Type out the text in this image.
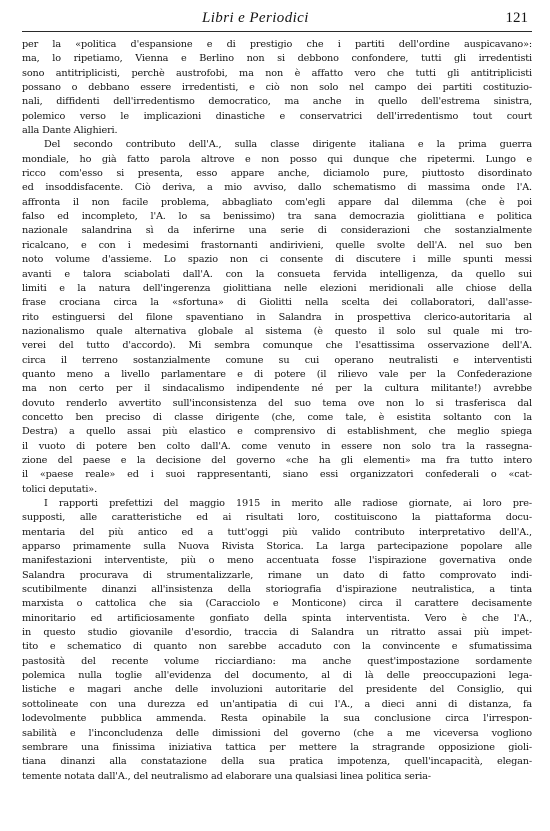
Libri e Periodici	121
per la «politica d'espansione e di prestigio che i partiti dell'ordine auspicavano»:
ma, lo ripetiamo, Vienna e Berlino non si debbono confondere, tutti gli irredentisti
sono antitriplicisti, perchè austrofobi, ma non è affatto vero che tutti gli antitriplicisti
possano o debbano essere irredentisti, e ciò non solo nel campo dei partiti costituzio-
nali, diffidenti dell'irredentismo democratico, ma anche in quello dell'estrema sinistra,
polemico verso le implicazioni dinastiche e conservatrici dell'irredentismo tout court
alla Dante Alighieri.
Del secondo contributo dell'A., sulla classe dirigente italiana e la prima guerra
mondiale, ho già fatto parola altrove e non posso qui dunque che ripetermi. Lungo e
ricco com'esso si presenta, esso appare anche, diciamolo pure, piuttosto disordinato
ed insoddisfacente. Ciò deriva, a mio avviso, dallo schematismo di massima onde l'A.
affronta il non facile problema, abbagliato com'egli appare dal dilemma (che è poi
falso ed incompleto, l'A. lo sa benissimo) tra sana democrazia giolittiana e politica
nazionale salandrina sì da inferirne una serie di considerazioni che sostanzialmente
ricalcano, e con i medesimi frastornanti andirivieni, quelle svolte dell'A. nel suo ben
noto volume d'assieme. Lo spazio non ci consente di discutere i mille spunti messi
avanti e talora sciabolati dall'A. con la consueta fervida intelligenza, da quello sui
limiti e la natura dell'ingerenza giolittiana nelle elezioni meridionali alle chiose della
frase crociana circa la «sfortuna» di Giolitti nella scelta dei collaboratori, dall'asse-
rito estinguersi del filone spaventiano in Salandra in prospettiva clerico-autoritaria al
nazionalismo quale alternativa globale al sistema (è questo il solo sul quale mi tro-
verei del tutto d'accordo). Mi sembra comunque che l'esattissima osservazione dell'A.
circa il terreno sostanzialmente comune su cui operano neutralisti e interventisti
quanto meno a livello parlamentare e di potere (il rilievo vale per la Confederazione
ma non certo per il sindacalismo indipendente né per la cultura militante!) avrebbe
dovuto renderlo avvertito sull'inconsistenza del suo tema ove non lo si trasferisca dal
concetto ben preciso di classe dirigente (che, come tale, è esistita soltanto con la
Destra) a quello assai più elastico e comprensivo di establishment, che meglio spiega
il vuoto di potere ben colto dall'A. come venuto in essere non solo tra la rassegna-
zione del paese e la decisione del governo «che ha gli elementi» ma fra tutto intero
il «paese reale» ed i suoi rappresentanti, siano essi organizzatori confederali o «cat-
tolici deputati».
I rapporti prefettizi del maggio 1915 in merito alle radiose giornate, ai loro pre-
supposti, alle caratteristiche ed ai risultati loro, costituiscono la piattaforma docu-
mentaria del più antico ed a tutt'oggi più valido contributo interpretativo dell'A.,
apparso primamente sulla Nuova Rivista Storica. La larga partecipazione popolare alle
manifestazioni interventiste, più o meno accentuata fosse l'ispirazione governativa onde
Salandra procurava di strumentalizzarle, rimane un dato di fatto comprovato indi-
scutibilmente dinanzi all'insistenza della storiografia d'ispirazione neutralistica, a tinta
marxista o cattolica che sia (Caracciolo e Monticone) circa il carattere decisamente
minoritario ed artificiosamente gonfiato della spinta interventista. Vero è che l'A.,
in questo studio giovanile d'esordio, traccia di Salandra un ritratto assai più impet-
tito e schematico di quanto non sarebbe accaduto con la convincente e sfumatissima
pastosità del recente volume ricciardiano: ma anche quest'impostazione sordamente
polemica nulla toglie all'evidenza del documento, al di là delle preoccupazioni lega-
listiche e magari anche delle involuzioni autoritarie del presidente del Consiglio, qui
sottolineate con una durezza ed un'antipatia di cui l'A., a dieci anni di distanza, fa
lodevolmente pubblica ammenda. Resta opinabile la sua conclusione circa l'irrespon-
sabilità e l'inconcludenza delle dimissioni del governo (che a me viceversa vogliono
sembrare una finissima iniziativa tattica per mettere la stragrande opposizione gioli-
tiana dinanzi alla constatazione della sua pratica impotenza, quell'incapacità, elegan-
temente notata dall'A., del neutralismo ad elaborare una qualsiasi linea politica seria-
